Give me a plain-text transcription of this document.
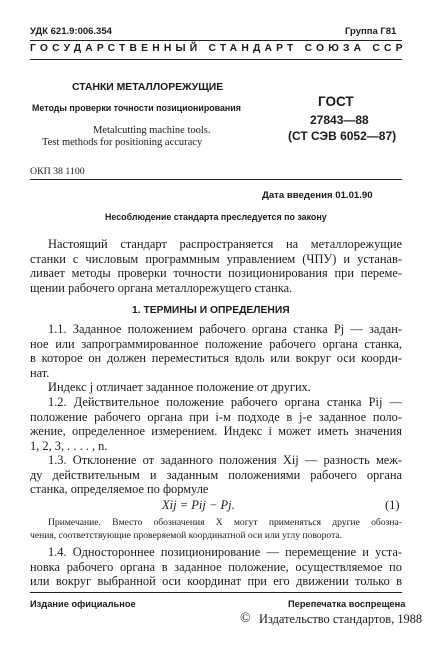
УДК 621.9:006.354	Группа Г81
ГОСУДАРСТВЕННЫЙ СТАНДАРТ СОЮЗА ССР
СТАНКИ МЕТАЛЛОРЕЖУЩИЕ
Методы проверки точности позиционирования
Metalcutting machine tools.
Test methods for positioning accuracy
ГОСТ
27843—88
(СТ СЭВ 6052—87)
ОКП 38 1100
Дата введения 01.01.90
Несоблюдение стандарта преследуется по закону
Настоящий стандарт распространяется на металлорежущие
станки с числовым программным управлением (ЧПУ) и устанав-
ливает методы проверки точности позиционирования при переме-
щении рабочего органа металлорежущего станка.
1. ТЕРМИНЫ И ОПРЕДЕЛЕНИЯ
1.1. Заданное положением рабочего органа станка Pj — задан-
ное или запрограммированное положение рабочего органа станка,
в которое он должен переместиться вдоль или вокруг оси коорди-
нат.
Индекс j отличает заданное положение от других.
1.2. Действительное положение рабочего органа станка Pij —
положение рабочего органа при i-м подходе в j-е заданное поло-
жение, определенное измерением. Индекс i может иметь значения
1, 2, 3, . . . . , n.
1.3. Отклонение от заданного положения Xij — разность меж-
ду действительным и заданным положениями рабочего органа
станка, определяемое по формуле
Xij = Pij − Pj.	(1)
Примечание. Вместо обозначения X могут применяться другие обозна-
чения, соответствующие проверяемой координатной оси или углу поворота.
1.4. Одностороннее позиционирование — перемещение и уста-
новка рабочего органа в заданное положение, осуществляемое по
или вокруг выбранной оси координат при его движении только в
Издание официальное	Перепечатка воспрещена
© Издательство стандартов, 1988
